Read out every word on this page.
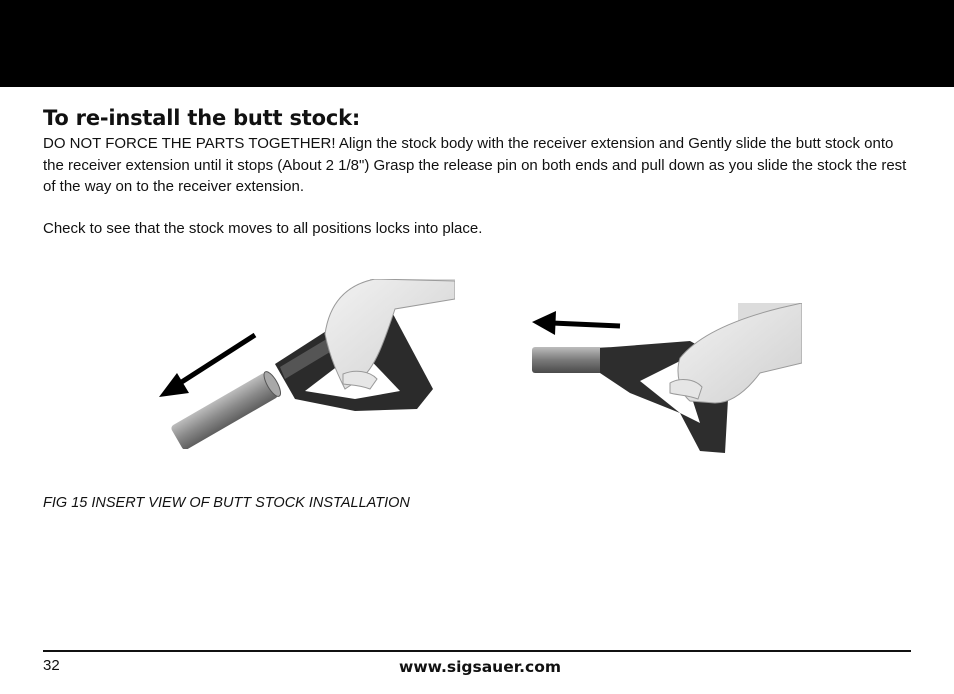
To re-install the butt stock:

DO NOT FORCE THE PARTS TOGETHER! Align the stock body with the receiver extension and Gently slide the butt stock onto the receiver extension until it stops (About 2 1/8") Grasp the release pin on both ends and pull down as you slide the stock the rest of the way on to the receiver extension.

Check to see that the stock moves to all positions locks into place.

FIG 15 INSERT VIEW OF BUTT STOCK INSTALLATION
32	www.sigsauer.com
